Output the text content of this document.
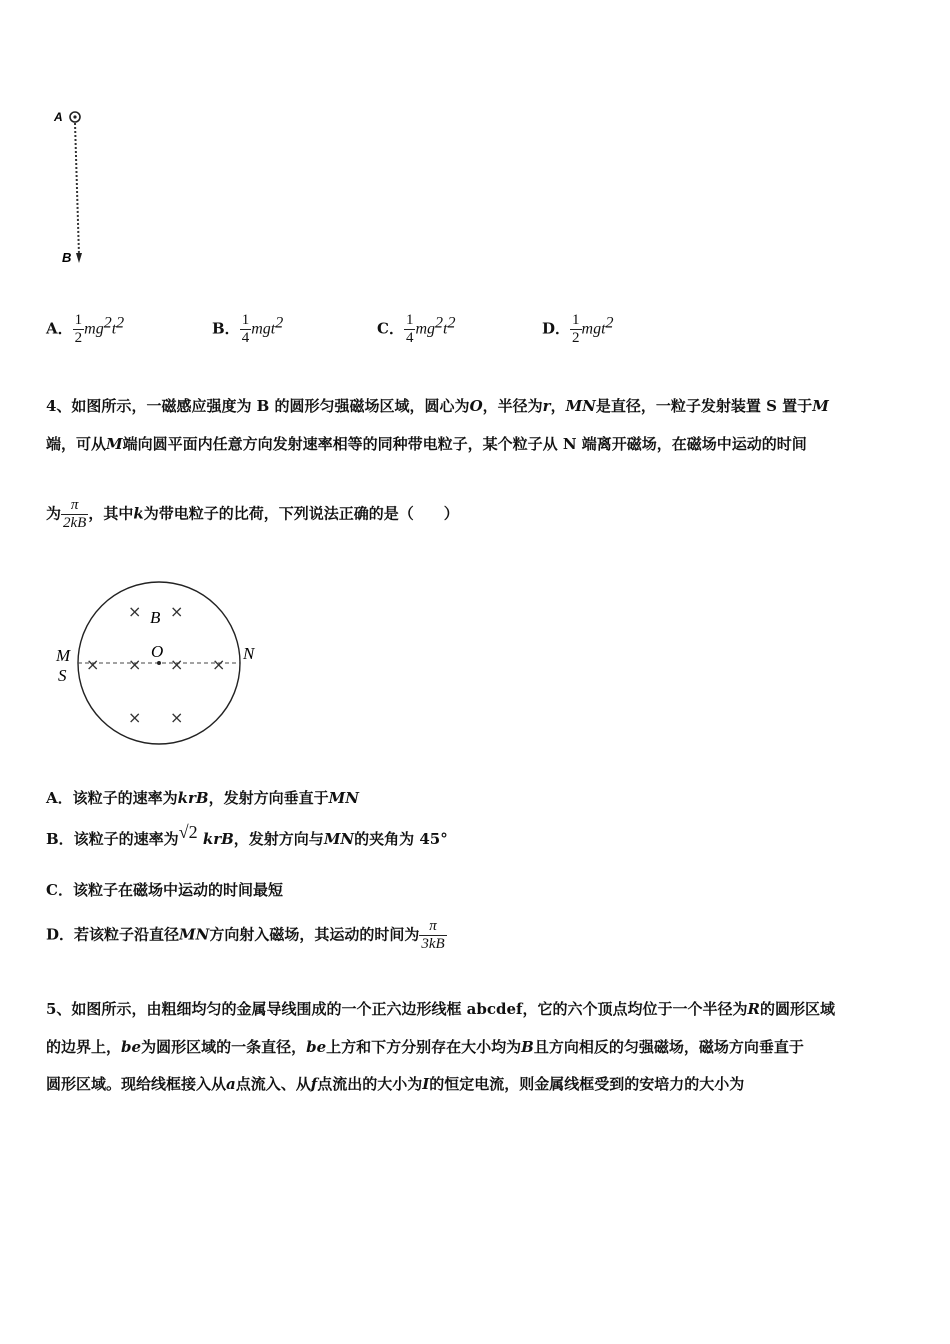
A
B
A． $\frac{1}{2} mg^2t^2$	B． $\frac{1}{4} mgt^2$	C． $\frac{1}{4} mg^2t^2$	D． $\frac{1}{2} mgt^2$
4、如图所示，一磁感应强度为 B 的圆形匀强磁场区域，圆心为O，半径为r，MN是直径，一粒子发射装置 S 置于M
端，可从M端向圆平面内任意方向发射速率相等的同种带电粒子，某个粒子从 N 端离开磁场，在磁场中运动的时间
为 $\frac{\pi}{2kB}$ ，其中k为带电粒子的比荷，下列说法正确的是（　　）
O
B
M
S
N
× ×
× × × ×
× ×
A．该粒子的速率为krB，发射方向垂直于MN
B．该粒子的速率为√2 krB，发射方向与MN的夹角为 45°
C．该粒子在磁场中运动的时间最短
D．若该粒子沿直径MN方向射入磁场，其运动的时间为 $\frac{\pi}{3kB}$
5、如图所示，由粗细均匀的金属导线围成的一个正六边形线框 abcdef，它的六个顶点均位于一个半径为R的圆形区域
的边界上，be为圆形区域的一条直径，be上方和下方分别存在大小均为B且方向相反的匀强磁场，磁场方向垂直于
圆形区域。现给线框接入从a点流入、从f点流出的大小为I的恒定电流，则金属线框受到的安培力的大小为
